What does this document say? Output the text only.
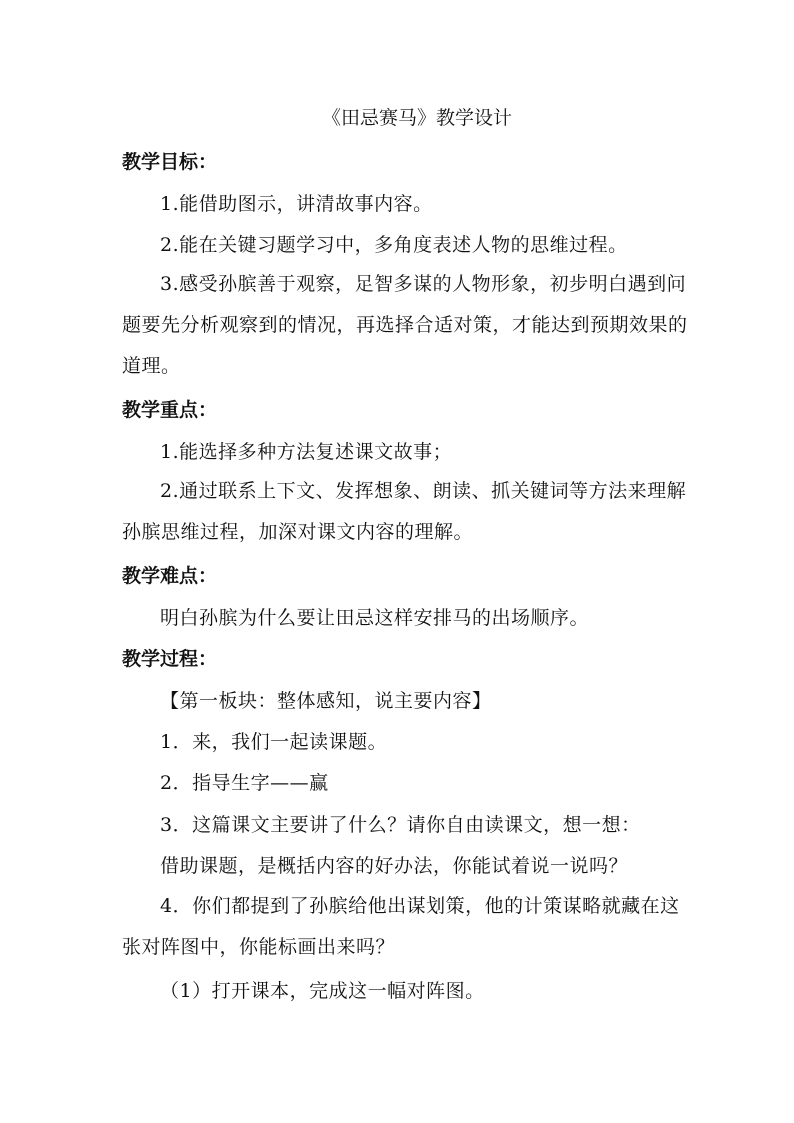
《田忌赛马》教学设计
教学目标：
1.能借助图示，讲清故事内容。
2.能在关键习题学习中，多角度表述人物的思维过程。
3.感受孙膑善于观察，足智多谋的人物形象，初步明白遇到问题要先分析观察到的情况，再选择合适对策，才能达到预期效果的道理。
教学重点：
1.能选择多种方法复述课文故事；
2.通过联系上下文、发挥想象、朗读、抓关键词等方法来理解孙膑思维过程，加深对课文内容的理解。
教学难点：
明白孙膑为什么要让田忌这样安排马的出场顺序。
教学过程：
【第一板块：整体感知，说主要内容】
1．来，我们一起读课题。
2．指导生字——赢
3．这篇课文主要讲了什么？请你自由读课文，想一想：
借助课题，是概括内容的好办法，你能试着说一说吗？
4．你们都提到了孙膑给他出谋划策，他的计策谋略就藏在这张对阵图中，你能标画出来吗？
（1）打开课本，完成这一幅对阵图。
